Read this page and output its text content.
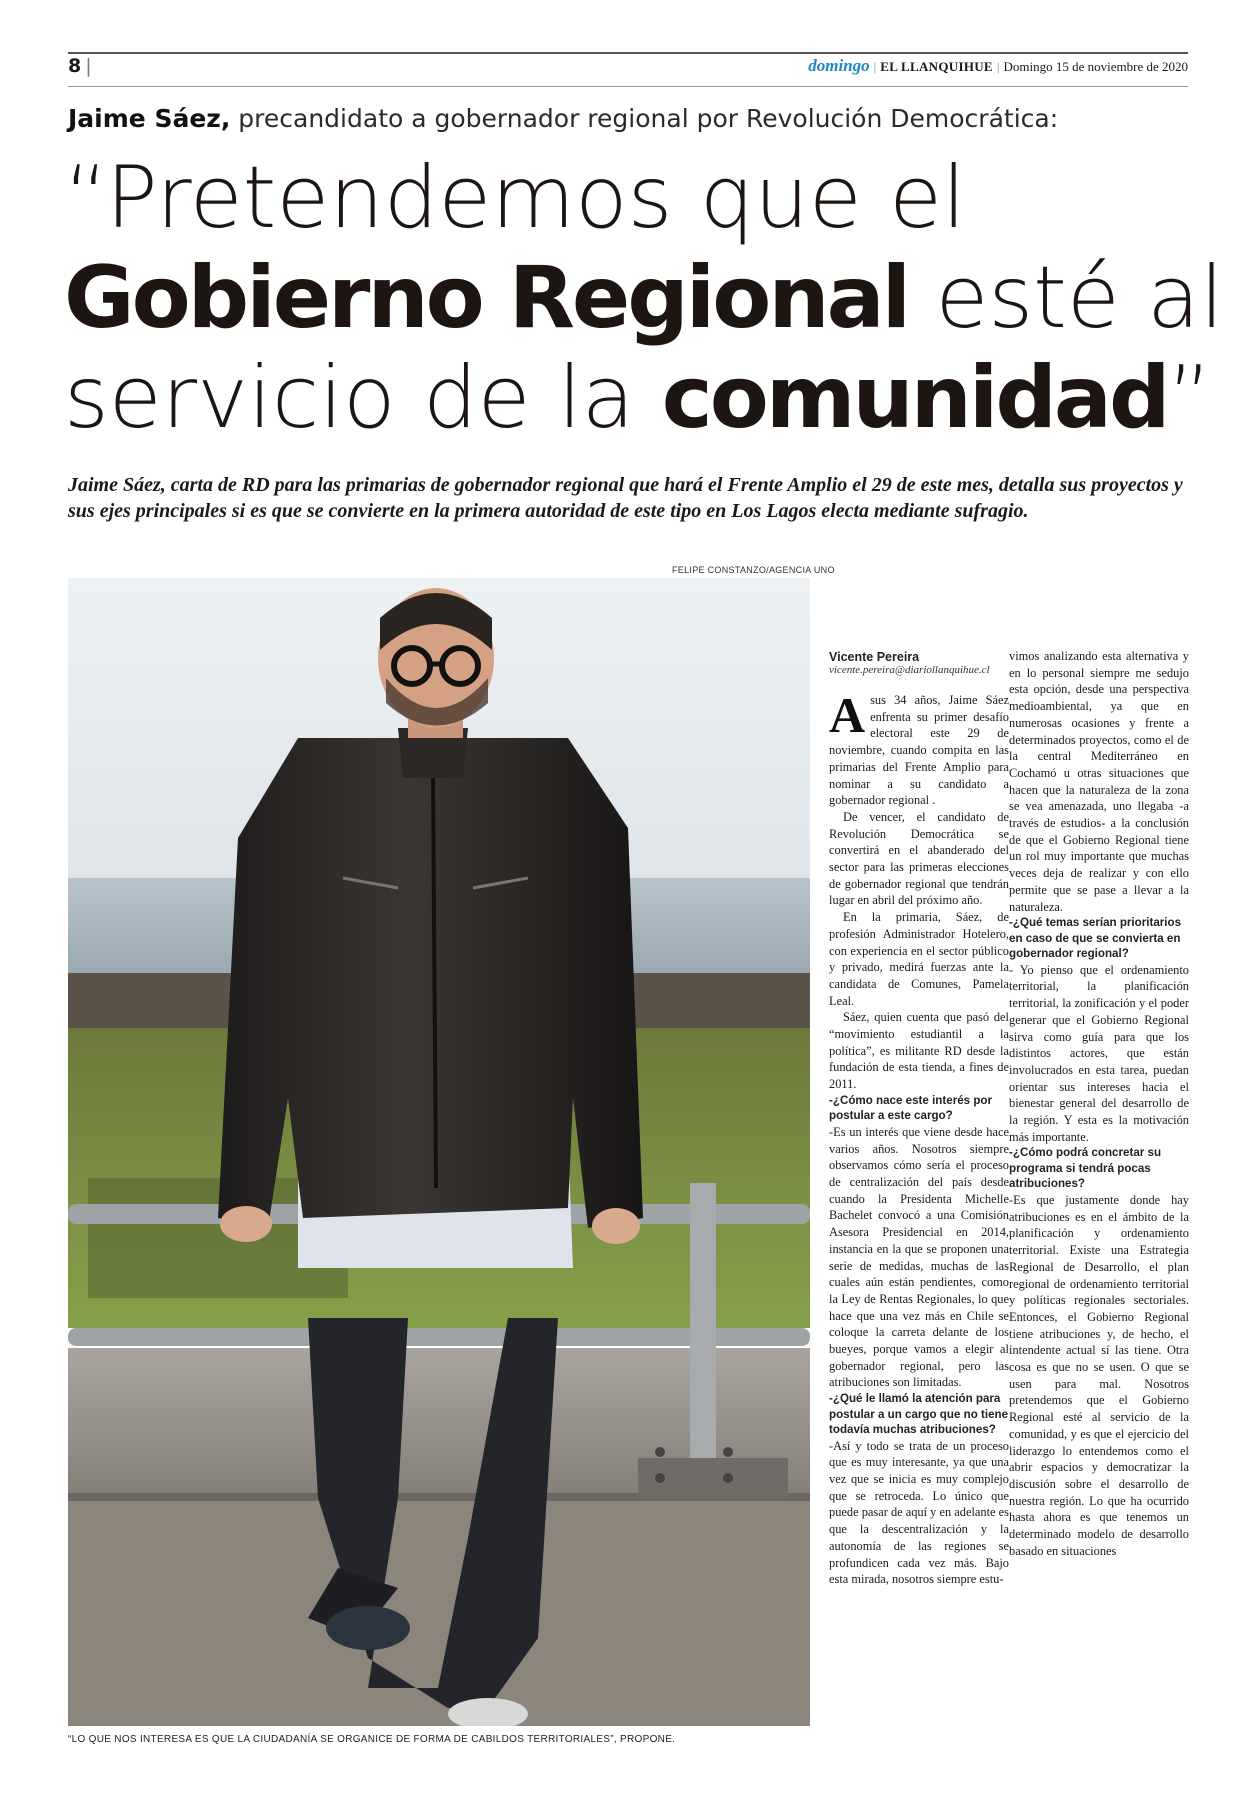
8 |	domingo | EL LLANQUIHUE | Domingo 15 de noviembre de 2020
Jaime Sáez, precandidato a gobernador regional por Revolución Democrática:
“Pretendemos que el
Gobierno Regional esté al
servicio de la comunidad”

Jaime Sáez, carta de RD para las primarias de gobernador regional que hará el Frente Amplio el 29 de este mes, detalla sus proyectos y sus ejes principales si es que se convierte en la primera autoridad de este tipo en Los Lagos electa mediante sufragio.

FELIPE CONSTANZO/AGENCIA UNO
“LO QUE NOS INTERESA ES QUE LA CIUDADANÍA SE ORGANICE DE FORMA DE CABILDOS TERRITORIALES”, PROPONE.
Vicente Pereira
vicente.pereira@diariollanquihue.cl

Asus 34 años, Jaime Sáez enfrenta su primer desafío electoral este 29 de noviembre, cuando compita en las primarias del Frente Amplio para nominar a su candidato a gobernador regional .

De vencer, el candidato de Revolución Democrática se convertirá en el abanderado del sector para las primeras elecciones de gobernador regional que tendrán lugar en abril del próximo año.

En la primaria, Sáez, de profesión Administrador Hotelero, con experiencia en el sector público y privado, medirá fuerzas ante la candidata de Comunes, Pamela Leal.

Sáez, quien cuenta que pasó del “movimiento estudiantil a la política”, es militante RD desde la fundación de esta tienda, a fines de 2011.

-¿Cómo nace este interés por postular a este cargo?

-Es un interés que viene desde hace varios años. Nosotros siempre observamos cómo sería el proceso de centralización del país desde cuando la Presidenta Michelle Bachelet convocó a una Comisión Asesora Presidencial en 2014, instancia en la que se proponen una serie de medidas, muchas de las cuales aún están pendientes, como la Ley de Rentas Regionales, lo que hace que una vez más en Chile se coloque la carreta delante de los bueyes, porque vamos a elegir al gobernador regional, pero las atribuciones son limitadas.

-¿Qué le llamó la atención para postular a un cargo que no tiene todavía muchas atribuciones?

-Así y todo se trata de un proceso que es muy interesante, ya que una vez que se inicia es muy complejo que se retroceda. Lo único que puede pasar de aquí y en adelante es que la descentralización y la autonomía de las regiones se profundicen cada vez más. Bajo esta mirada, nosotros siempre estu-

vimos analizando esta alternativa y en lo personal siempre me sedujo esta opción, desde una perspectiva medioambiental, ya que en numerosas ocasiones y frente a determinados proyectos, como el de la central Mediterráneo en Cochamó u otras situaciones que hacen que la naturaleza de la zona se vea amenazada, uno llegaba -a través de estudios- a la conclusión de que el Gobierno Regional tiene un rol muy importante que muchas veces deja de realizar y con ello permite que se pase a llevar a la naturaleza.

-¿Qué temas serían prioritarios en caso de que se convierta en gobernador regional?

- Yo pienso que el ordenamiento territorial, la planificación territorial, la zonificación y el poder generar que el Gobierno Regional sirva como guía para que los distintos actores, que están involucrados en esta tarea, puedan orientar sus intereses hacia el bienestar general del desarrollo de la región. Y esta es la motivación más importante.

-¿Cómo podrá concretar su programa si tendrá pocas atribuciones?

-Es que justamente donde hay atribuciones es en el ámbito de la planificación y ordenamiento territorial. Existe una Estrategia Regional de Desarrollo, el plan regional de ordenamiento territorial y políticas regionales sectoriales. Entonces, el Gobierno Regional tiene atribuciones y, de hecho, el intendente actual sí las tiene. Otra cosa es que no se usen. O que se usen para mal. Nosotros pretendemos que el Gobierno Regional esté al servicio de la comunidad, y es que el ejercicio del liderazgo lo entendemos como el abrir espacios y democratizar la discusión sobre el desarrollo de nuestra región. Lo que ha ocurrido hasta ahora es que tenemos un determinado modelo de desarrollo basado en situaciones
